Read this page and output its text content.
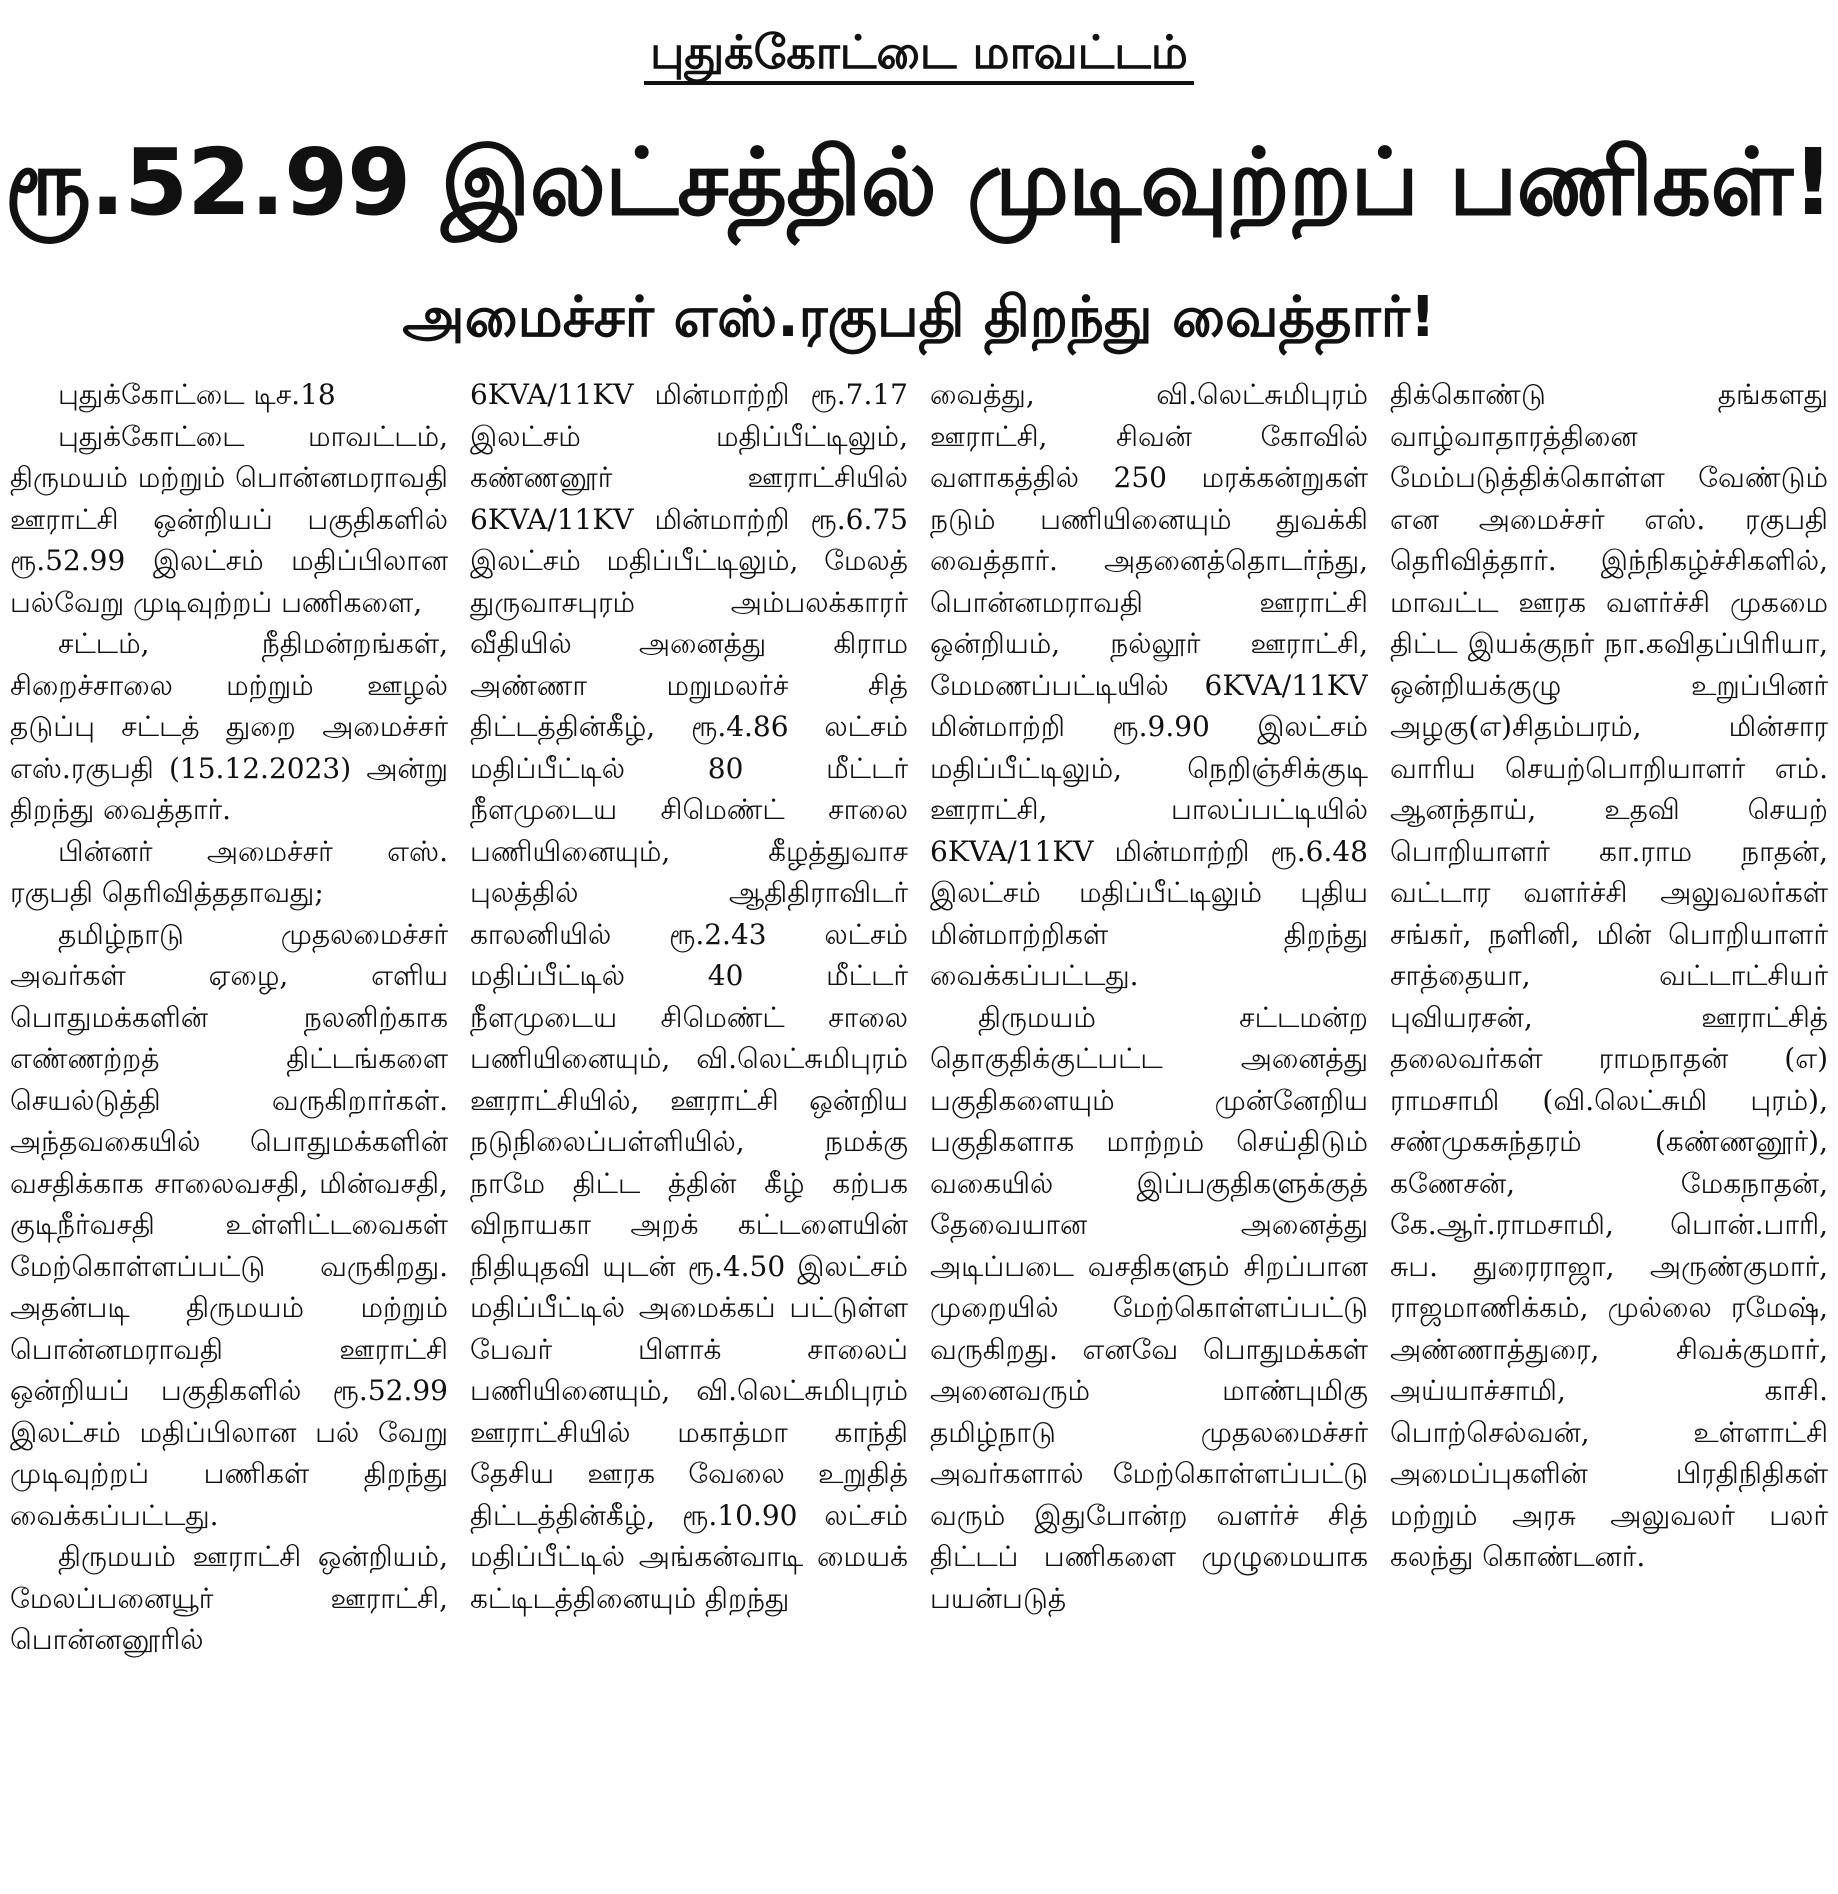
புதுக்கோட்டை மாவட்டம்
ரூ.52.99 இலட்சத்தில் முடிவுற்றப் பணிகள்!
அமைச்சர் எஸ்.ரகுபதி திறந்து வைத்தார்!

புதுக்கோட்டை டிச.18

புதுக்கோட்டை மாவட்டம், திருமயம் மற்றும் பொன்னமராவதி ஊராட்சி ஒன்றியப் பகுதிகளில் ரூ.52.99 இலட்சம் மதிப்பிலான பல்வேறு முடிவுற்றப் பணிகளை,

சட்டம், நீதிமன்றங்கள், சிறைச்சாலை மற்றும் ஊழல் தடுப்பு சட்டத் துறை அமைச்சர் எஸ்.ரகுபதி (15.12.2023) அன்று திறந்து வைத்தார்.

பின்னர் அமைச்சர் எஸ். ரகுபதி தெரிவித்ததாவது;

தமிழ்நாடு முதலமைச்சர் அவர்கள் ஏழை, எளிய பொதுமக்களின் நலனிற்காக எண்ணற்றத் திட்டங்களை செயல்டுத்தி வருகிறார்கள். அந்தவகையில் பொதுமக்களின் வசதிக்காக சாலைவசதி, மின்வசதி, குடிநீர்வசதி உள்ளிட்டவைகள் மேற்கொள்ளப்பட்டு வருகிறது. அதன்படி திருமயம் மற்றும் பொன்னமராவதி ஊராட்சி ஒன்றியப் பகுதிகளில் ரூ.52.99 இலட்சம் மதிப்பிலான பல் வேறு முடிவுற்றப் பணிகள் திறந்து வைக்கப்பட்டது.

திருமயம் ஊராட்சி ஒன்றியம், மேலப்பனையூர் ஊராட்சி, பொன்னனூரில்

6KVA/11KV மின்மாற்றி ரூ.7.17 இலட்சம் மதிப்பீட்டிலும், கண்ணனூர் ஊராட்சியில் 6KVA/11KV மின்மாற்றி ரூ.6.75 இலட்சம் மதிப்பீட்டிலும், மேலத் துருவாசபுரம் அம்பலக்காரர் வீதியில் அனைத்து கிராம அண்ணா மறுமலர்ச் சித் திட்டத்தின்கீழ், ரூ.4.86 லட்சம் மதிப்பீட்டில் 80 மீட்டர் நீளமுடைய சிமெண்ட் சாலை பணியினையும், கீழத்துவாச புலத்தில் ஆதிதிராவிடர் காலனியில் ரூ.2.43 லட்சம் மதிப்பீட்டில் 40 மீட்டர் நீளமுடைய சிமெண்ட் சாலை பணியினையும், வி.லெட்சுமிபுரம் ஊராட்சியில், ஊராட்சி ஒன்றிய நடுநிலைப்பள்ளியில், நமக்கு நாமே திட்ட த்தின் கீழ் கற்பக விநாயகா அறக் கட்டளையின் நிதியுதவி யுடன் ரூ.4.50 இலட்சம் மதிப்பீட்டில் அமைக்கப் பட்டுள்ள பேவர் பிளாக் சாலைப் பணியினையும், வி.லெட்சுமிபுரம் ஊராட்சியில் மகாத்மா காந்தி தேசிய ஊரக வேலை உறுதித் திட்டத்தின்கீழ், ரூ.10.90 லட்சம் மதிப்பீட்டில் அங்கன்வாடி மையக் கட்டிடத்தினையும் திறந்து

வைத்து, வி.லெட்சுமிபுரம் ஊராட்சி, சிவன் கோவில் வளாகத்தில் 250 மரக்கன்றுகள் நடும் பணியினையும் துவக்கி வைத்தார். அதனைத்தொடர்ந்து, பொன்னமராவதி ஊராட்சி ஒன்றியம், நல்லூர் ஊராட்சி, மேமணப்பட்டியில் 6KVA/11KV மின்மாற்றி ரூ.9.90 இலட்சம் மதிப்பீட்டிலும், நெறிஞ்சிக்குடி ஊராட்சி, பாலப்பட்டியில் 6KVA/11KV மின்மாற்றி ரூ.6.48 இலட்சம் மதிப்பீட்டிலும் புதிய மின்மாற்றிகள் திறந்து வைக்கப்பட்டது.

திருமயம் சட்டமன்ற தொகுதிக்குட்பட்ட அனைத்து பகுதிகளையும் முன்னேறிய பகுதிகளாக மாற்றம் செய்திடும் வகையில் இப்பகுதிகளுக்குத் தேவையான அனைத்து அடிப்படை வசதிகளும் சிறப்பான முறையில் மேற்கொள்ளப்பட்டு வருகிறது. எனவே பொதுமக்கள் அனைவரும் மாண்புமிகு தமிழ்நாடு முதலமைச்சர் அவர்களால் மேற்கொள்ளப்பட்டு வரும் இதுபோன்ற வளர்ச் சித் திட்டப் பணிகளை முழுமையாக பயன்படுத்

திக்கொண்டு தங்களது வாழ்வாதாரத்தினை மேம்படுத்திக்கொள்ள வேண்டும் என அமைச்சர் எஸ். ரகுபதி தெரிவித்தார். இந்நிகழ்ச்சிகளில், மாவட்ட ஊரக வளர்ச்சி முகமை திட்ட இயக்குநர் நா.கவிதப்பிரியா, ஒன்றியக்குழு உறுப்பினர் அழகு(எ)சிதம்பரம், மின்சார வாரிய செயற்பொறியாளர் எம். ஆனந்தாய், உதவி செயற் பொறியாளர் கா.ராம நாதன், வட்டார வளர்ச்சி அலுவலர்கள் சங்கர், நளினி, மின் பொறியாளர் சாத்தையா, வட்டாட்சியர் புவியரசன், ஊராட்சித் தலைவர்கள் ராமநாதன் (எ) ராமசாமி (வி.லெட்சுமி புரம்), சண்முகசுந்தரம் (கண்ணனூர்), கணேசன், மேகநாதன், கே.ஆர்.ராமசாமி, பொன்.பாரி, சுப. துரைராஜா, அருண்குமார், ராஜமாணிக்கம், முல்லை ரமேஷ், அண்ணாத்துரை, சிவக்குமார், அய்யாச்சாமி, காசி. பொற்செல்வன், உள்ளாட்சி அமைப்புகளின் பிரதிநிதிகள் மற்றும் அரசு அலுவலர் பலர் கலந்து கொண்டனர்.
